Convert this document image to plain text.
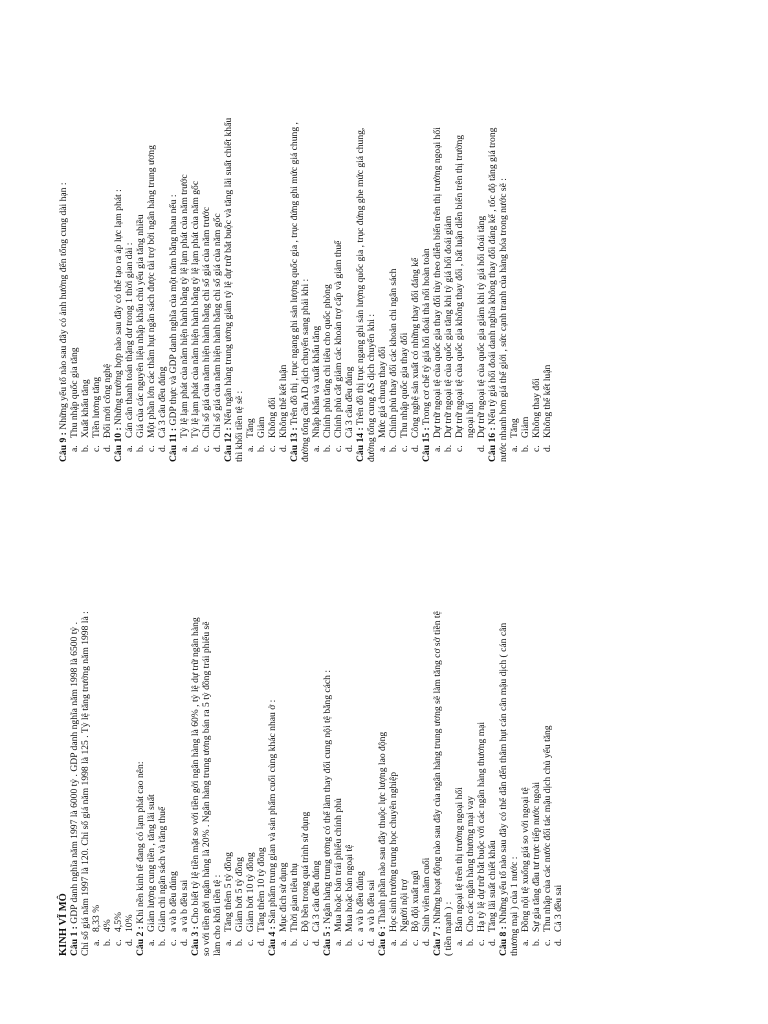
KINH VĨ MÔ Câu 1 : GDP danh nghĩa năm 1997 là 6000 tỷ . GDP danh nghĩa năm 1998 là 6500 tỷ . Chỉ số giá năm 1997 là 120. Chỉ số giá năm 1998 là 125 . Tỷ lệ tăng trưởng năm 1998 là : a.8,33 %
b.4%
c.4,5%
d.10%
Câu 2 : Khi nền kinh tế đang có lạm phát cao nên:
a.Giảm lượng cung tiền , tăng lãi suất
b.Giảm chi ngân sách và tăng thuế
c.a và b đều đúng
d.a và b đều sai
Câu 3 : Cho biết tỷ lệ tiền mặt so với tiền gởi ngân hàng là 60% , tỷ lệ dự trữ ngân hàng so với tiền gởi ngân hàng là 20% . Ngân hàng trung ương bán ra 5 tỷ đồng trái phiếu sẽ làm cho khối tiền tệ : a.Tăng thêm 5 tỷ đồng
b.Giảm bớt 5 tỷ đồng
c.Giảm bớt 10 tỷ đồng
d.Tăng thêm 10 tỷ đồng
Câu 4 : Sản phẩm trung gian và sản phẩm cuối cùng khác nhau ở :
a.Mục đích sử dụng
b.Thời gian tiêu thụ
c.Độ bền trong quá trình sử dụng
d.Cả 3 câu đều đúng
Câu 5 : Ngân hàng trung ương có thể làm thay đổi cung nội tệ bằng cách :
a.Mua hoặc bán trái phiếu chính phủ
b.Mua hoặc bán ngoại tệ
c.a và b đều đúng
d.a và b đều sai
Câu 6 : Thành phần nào sau đây thuộc lực lượng lao động
a.Học sinh trường trung học chuyên nghiệp
b.Người nội trợ
c.Bộ đội xuất ngũ
d.Sinh viên năm cuối
Câu 7 : Những hoạt động nào sau đây của ngân hàng trung ương sẽ làm tăng cơ sở tiền tệ
( tiền mạnh ) : a.Bán ngoại tệ trên thị trường ngoại hối
b.Cho các ngân hàng thương mại vay
c.Hạ tỷ lệ dự trữ bắt buộc với các ngân hàng thương mại
d.Tăng lãi suất chiết khấu
Câu 8 : Những yếu tố nào sau đây có thể dẫn đến thâm hụt cán cân mậu dịch ( cán cân thương mại ) của 1 nước : a.Đồng nội tệ xuống giá so với ngoại tệ
b.Sự gia tăng đầu tư trực tiếp nước ngoài
c.Thu nhập của các nước đối tác mậu dịch chủ yếu tăng
d.Cả 3 đều sai
Câu 9 : Những yếu tố nào sau đây có ảnh hưởng đến tổng cung dài hạn :
a.Thu nhập quốc gia tăng
b.Xuất khẩu tăng
c.Tiền lương tăng
d.Đổi mới công nghệ
Câu 10 : Những trường hợp nào sau đây có thể tạo ra áp lực lạm phát :
a.Cán cân thanh toán thặng dư trong 1 thời gian dài :
b.Giá của các nguyên liệu nhập khẩu chủ yếu gia tăng nhiều
c.Một phần lớn các thâm hụt ngân sách được tài trợ bởi ngân hàng trung ương
d.Cả 3 câu đều đúng
Câu 11 : GDP thực và GDP danh nghĩa của một năm bằng nhau nếu :
a.Tỷ lệ lạm phát của năm hiện hành bằng tỷ lệ lạm phát của năm trước
b.Tỷ lệ lạm phát của năm hiện hành bằng tỷ lệ lạm phát của năm gốc
c.Chỉ số giá của năm hiện hành bằng chỉ số giá của năm trước
d.Chỉ số giá của năm hiện hành bằng chỉ số giá của năm gốc
Câu 12 : Nếu ngân hàng trung ương giảm tỷ lệ dự trữ bắt buộc và tăng lãi suất chiết khấu
thì khối tiền tệ sẽ : a.Tăng
b.Giảm
c.Không đổi
d.Không thể kết luận
Câu 13 : Trên đồ thị , trục ngang ghi sản lượng quốc gia , trục đứng ghi mức giá chung , đường tổng cầu AD dịch chuyển sang phải khi : a.Nhập khẩu và xuất khẩu tăng
b.Chính phủ tăng chi tiêu cho quốc phòng
c.Chính phủ cắt giảm các khoản trợ cấp và giảm thuế
d.Cả 3 câu đều đúng
Câu 14 : Trên đồ thị trục ngang ghi sản lượng quốc gia , trục đứng ghe mức giá chung, đường tổng cung AS dịch chuyển khi : a.Mức giá chung thay đổi
b.Chính phủ thay đổi các khoản chi ngân sách
c.Thu nhập quốc gia thay đổi
d.Công nghệ sản xuất có những thay đổi đáng kể
Câu 15 : Trong cơ chế tỷ giá hối đoái thả nổi hoàn toàn
a.Dự trữ ngoại tệ của quốc gia thay đổi tùy theo diễn biến trên thị trường ngoại hối
b.Dự trữ ngoại tệ của quốc gia tăng khi tỷ giá hối đoái giảm
c.Dự trữ ngoại tệ của quốc gia không thay đổi , bất luận diễn biến trên thị trường ngoại hối
d.Dự trữ ngoại tệ của quốc gia giảm khi tỷ giá hối đoái tăng
Câu 16 : Nếu tỷ giá hối đoái danh nghĩa không thay đổi đáng kể , tốc độ tăng giá trong nước nhanh hơn giá thế giới , sức cạnh tranh của hàng hóa trong nước sẽ : a.Tăng
b.Giảm
c.Không thay đổi
d.Không thể kết luận
